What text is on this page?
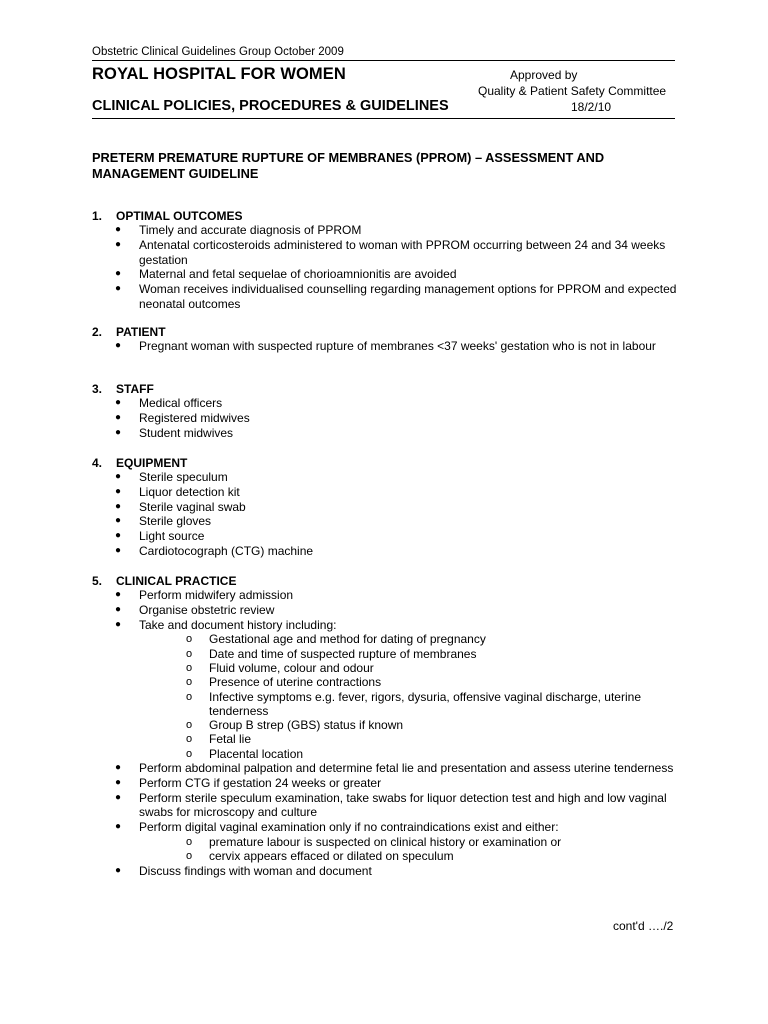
Obstetric Clinical Guidelines Group October 2009
ROYAL HOSPITAL FOR WOMEN	Approved by
Quality & Patient Safety Committee
CLINICAL POLICIES, PROCEDURES & GUIDELINES	18/2/10
PRETERM PREMATURE RUPTURE OF MEMBRANES (PPROM) – ASSESSMENT AND MANAGEMENT GUIDELINE
1. OPTIMAL OUTCOMES
● Timely and accurate diagnosis of PPROM
● Antenatal corticosteroids administered to woman with PPROM occurring between 24 and 34 weeks gestation
● Maternal and fetal sequelae of chorioamnionitis are avoided
● Woman receives individualised counselling regarding management options for PPROM and expected neonatal outcomes
2. PATIENT
● Pregnant woman with suspected rupture of membranes <37 weeks' gestation who is not in labour
3. STAFF
● Medical officers
● Registered midwives
● Student midwives
4. EQUIPMENT
● Sterile speculum
● Liquor detection kit
● Sterile vaginal swab
● Sterile gloves
● Light source
● Cardiotocograph (CTG) machine
5. CLINICAL PRACTICE
● Perform midwifery admission
● Organise obstetric review
● Take and document history including:
o Gestational age and method for dating of pregnancy
o Date and time of suspected rupture of membranes
o Fluid volume, colour and odour
o Presence of uterine contractions
o Infective symptoms e.g. fever, rigors, dysuria, offensive vaginal discharge, uterine tenderness
o Group B strep (GBS) status if known
o Fetal lie
o Placental location
● Perform abdominal palpation and determine fetal lie and presentation and assess uterine tenderness
● Perform CTG if gestation 24 weeks or greater
● Perform sterile speculum examination, take swabs for liquor detection test and high and low vaginal swabs for microscopy and culture
● Perform digital vaginal examination only if no contraindications exist and either:
o premature labour is suspected on clinical history or examination or
o cervix appears effaced or dilated on speculum
● Discuss findings with woman and document
cont'd …./2
